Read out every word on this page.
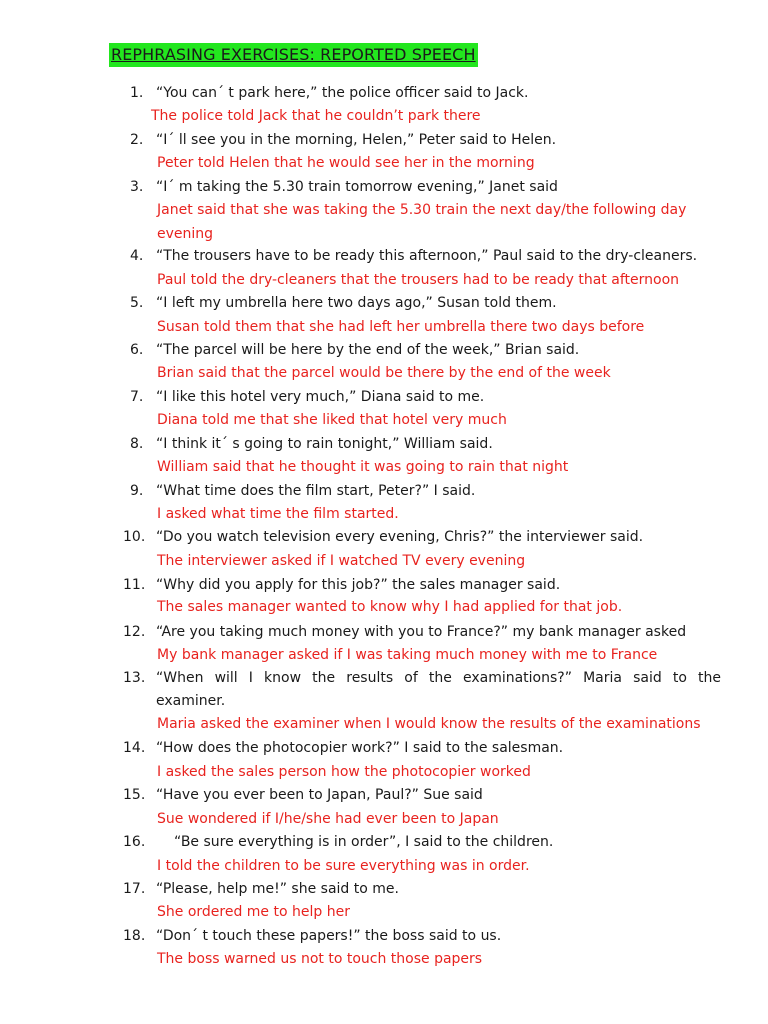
REPHRASING EXERCISES: REPORTED SPEECH
1. “You can´ t park here,” the police officer said to Jack.
The police told Jack that he couldn’t park there
2. “I´ ll see you in the morning, Helen,” Peter said to Helen.
Peter told Helen that he would see her in the morning
3. “I´ m taking the 5.30 train tomorrow evening,” Janet said
Janet said that she was taking the 5.30 train the next day/the following day
evening
4. “The trousers have to be ready this afternoon,” Paul said to the dry-cleaners.
Paul told the dry-cleaners that the trousers had to be ready that afternoon
5. “I left my umbrella here two days ago,” Susan told them.
Susan told them that she had left her umbrella there two days before
6. “The parcel will be here by the end of the week,” Brian said.
Brian said that the parcel would be there by the end of the week
7. “I like this hotel very much,” Diana said to me.
Diana told me that she liked that hotel very much
8. “I think it´ s going to rain tonight,” William said.
William said that he thought it was going to rain that night
9. “What time does the film start, Peter?” I said.
I asked what time the film started.
10. “Do you watch television every evening, Chris?” the interviewer said.
The interviewer asked if I watched TV every evening
11. “Why did you apply for this job?” the sales manager said.
The sales manager wanted to know why I had applied for that job.
12. “Are you taking much money with you to France?” my bank manager asked
My bank manager asked if I was taking much money with me to France
13. “When will I know the results of the examinations?” Maria said to the
examiner.
Maria asked the examiner when I would know the results of the examinations
14. “How does the photocopier work?” I said to the salesman.
I asked the sales person how the photocopier worked
15. “Have you ever been to Japan, Paul?” Sue said
Sue wondered if I/he/she had ever been to Japan
16. “Be sure everything is in order”, I said to the children.
I told the children to be sure everything was in order.
17. “Please, help me!” she said to me.
She ordered me to help her
18. “Don´ t touch these papers!” the boss said to us.
The boss warned us not to touch those papers
